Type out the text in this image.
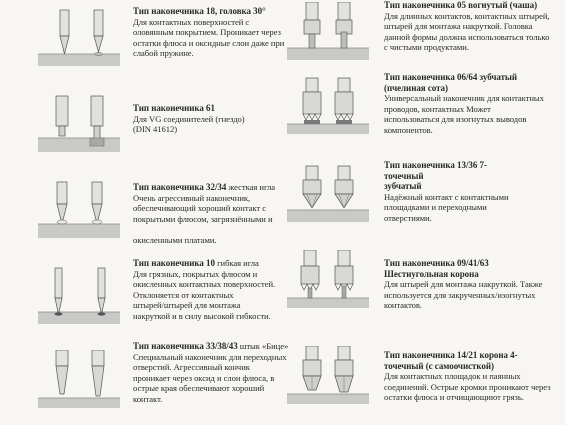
Тип наконечника 18, головка 30°
Для контактных поверхностей с
оловянным покрытием. Проникает через
остатки флюса и оксидные слои даже при
слабой пружине.
Тип наконечника 61
Для VG соединителей (гнездо)
(DIN 41612)
Тип наконечника 32/34 жесткая игла
Очень агрессивный наконечник,
обеспечивающий хороший контакт с
покрытыми флюсом, загрязнёнными и

окисленными платами.
Тип наконечника 10 гибкая игла
Для грязных, покрытых флюсом и
окисленных контактных поверхностей.
Отклоняется от контактных
штырей/штырей для монтажа
накруткой и в силу высокой гибкости.
Тип наконечника 33/38/43 штык «Бице»
Специальный наконечник для переходных
отверстий. Агрессивный кончик
проникает через оксид и слои флюса, в
острые края обеспечивают хороший
контакт.
Тип наконечника 05 вогнутый (чаша)
Для длинных контактов, контактных штырей,
штырей для монтажа накруткой. Головка
данной формы должна использоваться только
с чистыми продуктами.
Тип наконечника 06/64 зубчатый
(пчелиная сота)
Универсальный наконечник для контактных
проводов, контактных Может
использоваться для изогнутых выводов
компонентов.
Тип наконечника 13/36 7-точечный
зубчатый
Надёжный контакт с контактными
площадками и переходными
отверстиями.
Тип наконечника 09/41/63
Шестиугольная корона
Для штырей для монтажа накруткой. Также
используется для закрученных/изогнутых
контактов.
Тип наконечника 14/21 корона 4-
точечный (с самоочисткой)
Для контактных площадок и паянных
соединений. Острые кромки проникают через
остатки флюса и отчищающиют грязь.
